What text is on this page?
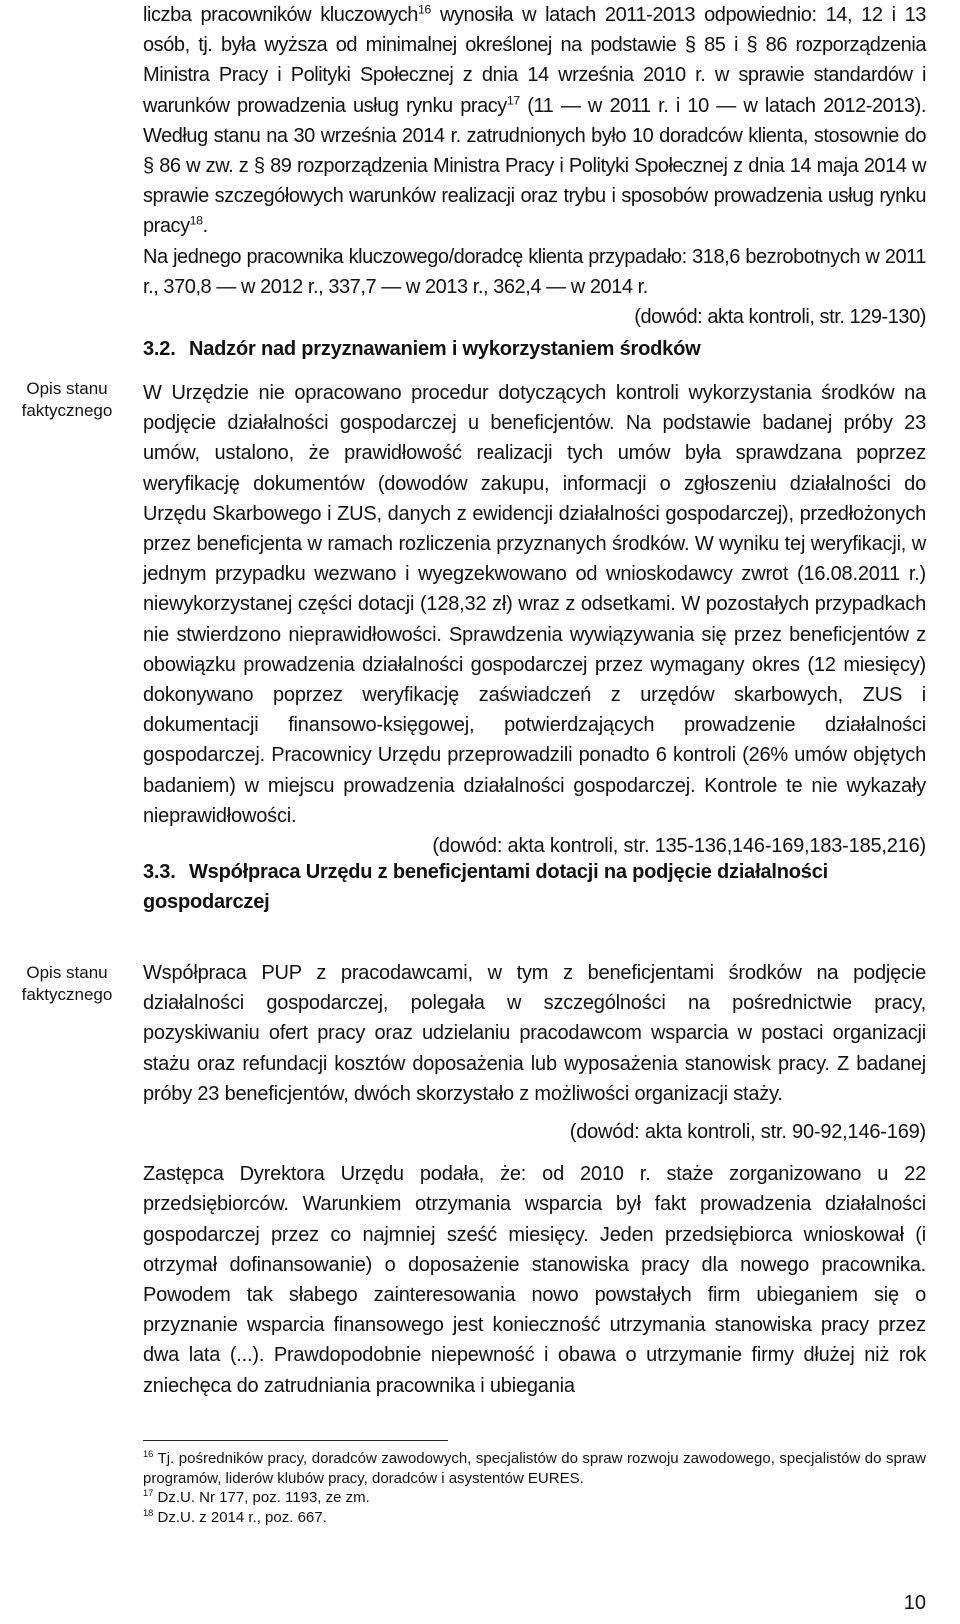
Opis stanu faktycznego
Opis stanu faktycznego

liczba pracowników kluczowych$^{16}$ wynosiła w latach 2011-2013 odpowiednio: 14, 12 i 13 osób, tj. była wyższa od minimalnej określonej na podstawie § 85 i § 86 rozporządzenia Ministra Pracy i Polityki Społecznej z dnia 14 września 2010 r. w sprawie standardów i warunków prowadzenia usług rynku pracy$^{17}$ (11 — w 2011 r. i 10 — w latach 2012-2013). Według stanu na 30 września 2014 r. zatrudnionych było 10 doradców klienta, stosownie do § 86 w zw. z § 89 rozporządzenia Ministra Pracy i Polityki Społecznej z dnia 14 maja 2014 w sprawie szczegółowych warunków realizacji oraz trybu i sposobów prowadzenia usług rynku pracy$^{18}$.

Na jednego pracownika kluczowego/doradcę klienta przypadało: 318,6 bezrobotnych w 2011 r., 370,8 — w 2012 r., 337,7 — w 2013 r., 362,4 — w 2014 r.

(dowód: akta kontroli, str. 129-130)

3.2. Nadzór nad przyznawaniem i wykorzystaniem środków

W Urzędzie nie opracowano procedur dotyczących kontroli wykorzystania środków na podjęcie działalności gospodarczej u beneficjentów. Na podstawie badanej próby 23 umów, ustalono, że prawidłowość realizacji tych umów była sprawdzana poprzez weryfikację dokumentów (dowodów zakupu, informacji o zgłoszeniu działalności do Urzędu Skarbowego i ZUS, danych z ewidencji działalności gospodarczej), przedłożonych przez beneficjenta w ramach rozliczenia przyznanych środków. W wyniku tej weryfikacji, w jednym przypadku wezwano i wyegzekwowano od wnioskodawcy zwrot (16.08.2011 r.) niewykorzystanej części dotacji (128,32 zł) wraz z odsetkami. W pozostałych przypadkach nie stwierdzono nieprawidłowości. Sprawdzenia wywiązywania się przez beneficjentów z obowiązku prowadzenia działalności gospodarczej przez wymagany okres (12 miesięcy) dokonywano poprzez weryfikację zaświadczeń z urzędów skarbowych, ZUS i dokumentacji finansowo-księgowej, potwierdzających prowadzenie działalności gospodarczej. Pracownicy Urzędu przeprowadzili ponadto 6 kontroli (26% umów objętych badaniem) w miejscu prowadzenia działalności gospodarczej. Kontrole te nie wykazały nieprawidłowości.

(dowód: akta kontroli, str. 135-136,146-169,183-185,216)

3.3. Współpraca Urzędu z beneficjentami dotacji na podjęcie działalności gospodarczej

Współpraca PUP z pracodawcami, w tym z beneficjentami środków na podjęcie działalności gospodarczej, polegała w szczególności na pośrednictwie pracy, pozyskiwaniu ofert pracy oraz udzielaniu pracodawcom wsparcia w postaci organizacji stażu oraz refundacji kosztów doposażenia lub wyposażenia stanowisk pracy. Z badanej próby 23 beneficjentów, dwóch skorzystało z możliwości organizacji staży.

(dowód: akta kontroli, str. 90-92,146-169)

Zastępca Dyrektora Urzędu podała, że: od 2010 r. staże zorganizowano u 22 przedsiębiorców. Warunkiem otrzymania wsparcia był fakt prowadzenia działalności gospodarczej przez co najmniej sześć miesięcy. Jeden przedsiębiorca wnioskował (i otrzymał dofinansowanie) o doposażenie stanowiska pracy dla nowego pracownika. Powodem tak słabego zainteresowania nowo powstałych firm ubieganiem się o przyznanie wsparcia finansowego jest konieczność utrzymania stanowiska pracy przez dwa lata (...). Prawdopodobnie niepewność i obawa o utrzymanie firmy dłużej niż rok zniechęca do zatrudniania pracownika i ubiegania

$^{16}$ Tj. pośredników pracy, doradców zawodowych, specjalistów do spraw rozwoju zawodowego, specjalistów do spraw programów, liderów klubów pracy, doradców i asystentów EURES.

$^{17}$ Dz.U. Nr 177, poz. 1193, ze zm.

$^{18}$ Dz.U. z 2014 r., poz. 667.

10
